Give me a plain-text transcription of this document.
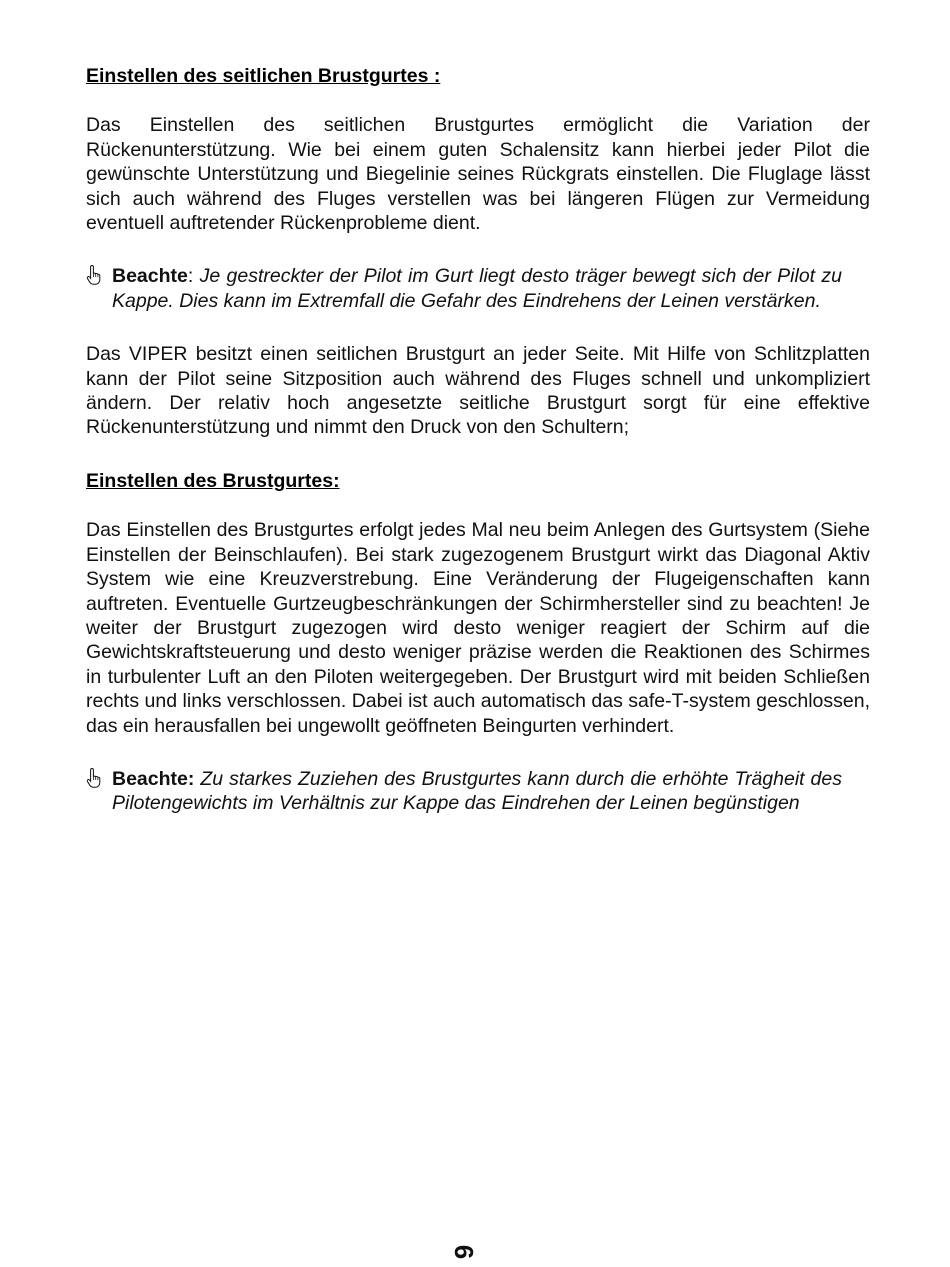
Einstellen des seitlichen Brustgurtes :

Das Einstellen des seitlichen Brustgurtes ermöglicht die Variation der Rückenunterstützung. Wie bei einem guten Schalensitz kann hierbei jeder Pilot die gewünschte Unterstützung und Biegelinie seines Rückgrats einstellen. Die Fluglage lässt sich auch während des Fluges verstellen was bei längeren Flügen zur Vermeidung eventuell auftretender Rückenprobleme dient.

Beachte: Je gestreckter der Pilot im Gurt liegt desto träger bewegt sich der Pilot zu Kappe. Dies kann im Extremfall die Gefahr des Eindrehens der Leinen verstärken.

Das VIPER besitzt einen seitlichen Brustgurt an jeder Seite. Mit Hilfe von Schlitzplatten kann der Pilot seine Sitzposition auch während des Fluges schnell und unkompliziert ändern. Der relativ hoch angesetzte seitliche Brustgurt sorgt für eine effektive Rückenunterstützung und nimmt den Druck von den Schultern;

Einstellen des Brustgurtes:

Das Einstellen des Brustgurtes erfolgt jedes Mal neu beim Anlegen des Gurtsystem (Siehe Einstellen der Beinschlaufen). Bei stark zugezogenem Brustgurt wirkt das Diagonal Aktiv System wie eine Kreuzverstrebung. Eine Veränderung der Flugeigenschaften kann auftreten. Eventuelle Gurtzeugbeschränkungen der Schirmhersteller sind zu beachten! Je weiter der Brustgurt zugezogen wird desto weniger reagiert der Schirm auf die Gewichtskraftsteuerung und desto weniger präzise werden die Reaktionen des Schirmes in turbulenter Luft an den Piloten weitergegeben. Der Brustgurt wird mit beiden Schließen rechts und links verschlossen. Dabei ist auch automatisch das safe-T-system geschlossen, das ein herausfallen bei ungewollt geöffneten Beingurten verhindert.

Beachte: Zu starkes Zuziehen des Brustgurtes kann durch die erhöhte Trägheit des Pilotengewichts im Verhältnis zur Kappe das Eindrehen der Leinen begünstigen
6
